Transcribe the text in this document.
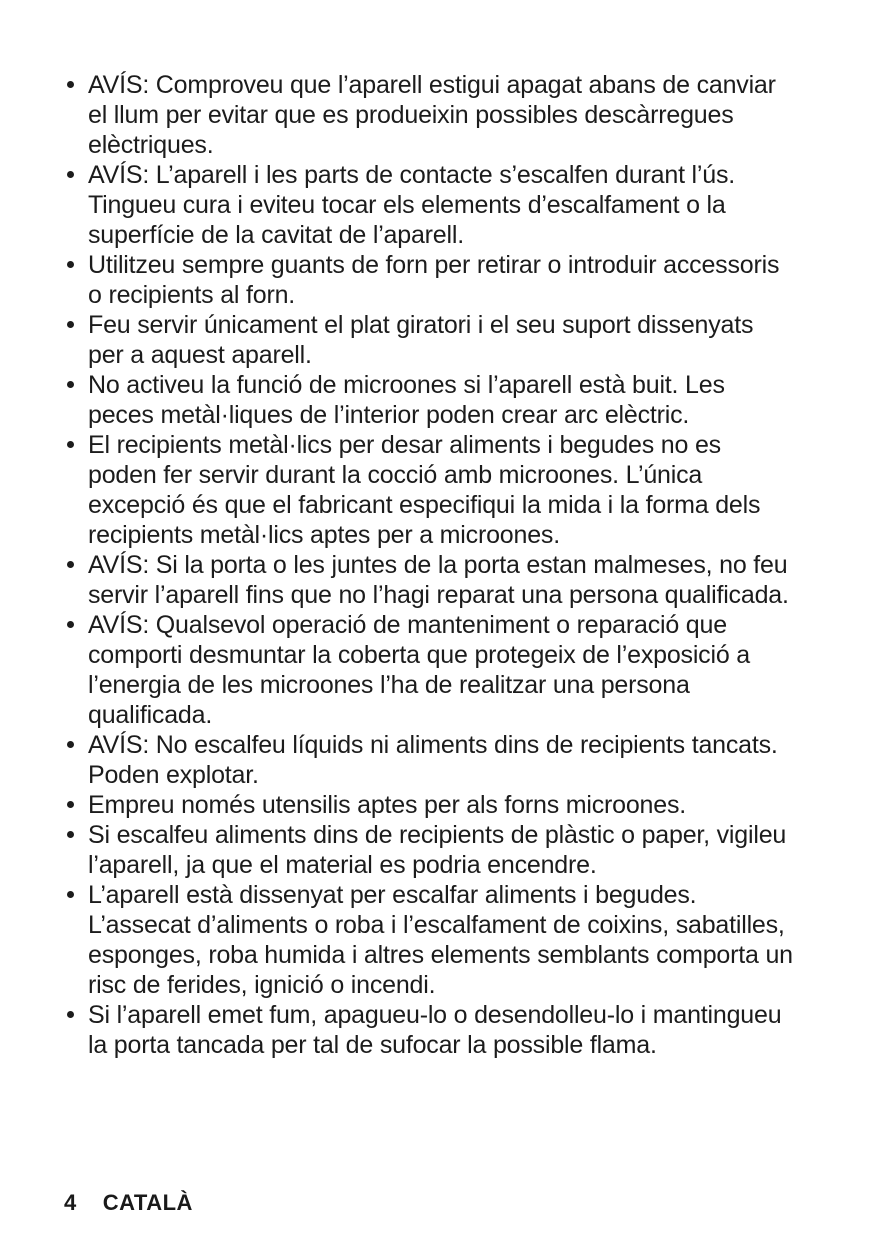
AVÍS: Comproveu que l’aparell estigui apagat abans de canviar el llum per evitar que es produeixin possibles descàrregues elèctriques.
AVÍS: L’aparell i les parts de contacte s’escalfen durant l’ús. Tingueu cura i eviteu tocar els elements d’escalfament o la superfície de la cavitat de l’aparell.
Utilitzeu sempre guants de forn per retirar o introduir accessoris o recipients al forn.
Feu servir únicament el plat giratori i el seu suport dissenyats per a aquest aparell.
No activeu la funció de microones si l’aparell està buit. Les peces metàl·liques de l’interior poden crear arc elèctric.
El recipients metàl·lics per desar aliments i begudes no es poden fer servir durant la cocció amb microones. L’única excepció és que el fabricant especifiqui la mida i la forma dels recipients metàl·lics aptes per a microones.
AVÍS: Si la porta o les juntes de la porta estan malmeses, no feu servir l’aparell fins que no l’hagi reparat una persona qualificada.
AVÍS: Qualsevol operació de manteniment o reparació que comporti desmuntar la coberta que protegeix de l’exposició a l’energia de les microones l’ha de realitzar una persona qualificada.
AVÍS: No escalfeu líquids ni aliments dins de recipients tancats. Poden explotar.
Empreu només utensilis aptes per als forns microones.
Si escalfeu aliments dins de recipients de plàstic o paper, vigileu l’aparell, ja que el material es podria encendre.
L’aparell està dissenyat per escalfar aliments i begudes. L’assecat d’aliments o roba i l’escalfament de coixins, sabatilles, esponges, roba humida i altres elements semblants comporta un risc de ferides, ignició o incendi.
Si l’aparell emet fum, apagueu-lo o desendolleu-lo i mantingueu la porta tancada per tal de sufocar la possible flama.
4 CATALÀ
